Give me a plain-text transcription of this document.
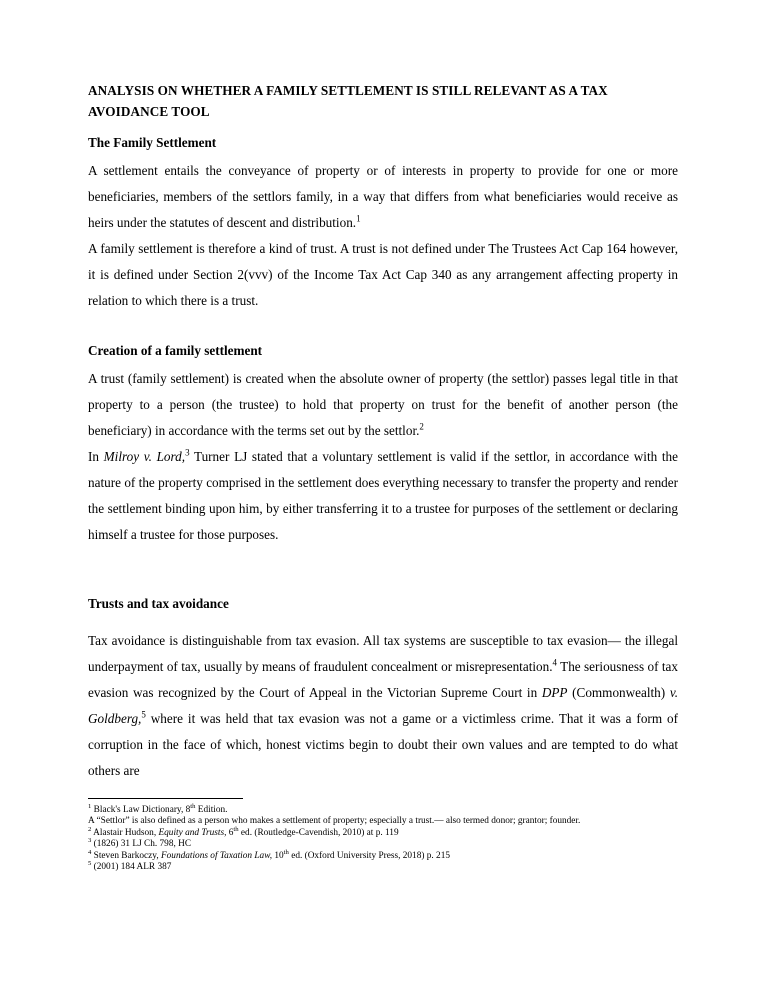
ANALYSIS ON WHETHER A FAMILY SETTLEMENT IS STILL RELEVANT AS A TAX AVOIDANCE TOOL
The Family Settlement

A settlement entails the conveyance of property or of interests in property to provide for one or more beneficiaries, members of the settlors family, in a way that differs from what beneficiaries would receive as heirs under the statutes of descent and distribution.$^1$

A family settlement is therefore a kind of trust. A trust is not defined under The Trustees Act Cap 164 however, it is defined under Section 2(vvv) of the Income Tax Act Cap 340 as any arrangement affecting property in relation to which there is a trust.

Creation of a family settlement

A trust (family settlement) is created when the absolute owner of property (the settlor) passes legal title in that property to a person (the trustee) to hold that property on trust for the benefit of another person (the beneficiary) in accordance with the terms set out by the settlor.$^2$

In Milroy v. Lord,$^3$ Turner LJ stated that a voluntary settlement is valid if the settlor, in accordance with the nature of the property comprised in the settlement does everything necessary to transfer the property and render the settlement binding upon him, by either transferring it to a trustee for purposes of the settlement or declaring himself a trustee for those purposes.

Trusts and tax avoidance

Tax avoidance is distinguishable from tax evasion. All tax systems are susceptible to tax evasion— the illegal underpayment of tax, usually by means of fraudulent concealment or misrepresentation.$^4$ The seriousness of tax evasion was recognized by the Court of Appeal in the Victorian Supreme Court in DPP (Commonwealth) v. Goldberg,$^5$ where it was held that tax evasion was not a game or a victimless crime. That it was a form of corruption in the face of which, honest victims begin to doubt their own values and are tempted to do what others are

$^1$ Black's Law Dictionary, 8th Edition.

A “Settlor” is also defined as a person who makes a settlement of property; especially a trust.— also termed donor; grantor; founder.

$^2$ Alastair Hudson, Equity and Trusts, 6th ed. (Routledge-Cavendish, 2010) at p. 119

$^3$ (1826) 31 LJ Ch. 798, HC

$^4$ Steven Barkoczy, Foundations of Taxation Law, 10th ed. (Oxford University Press, 2018) p. 215

$^5$ (2001) 184 ALR 387
